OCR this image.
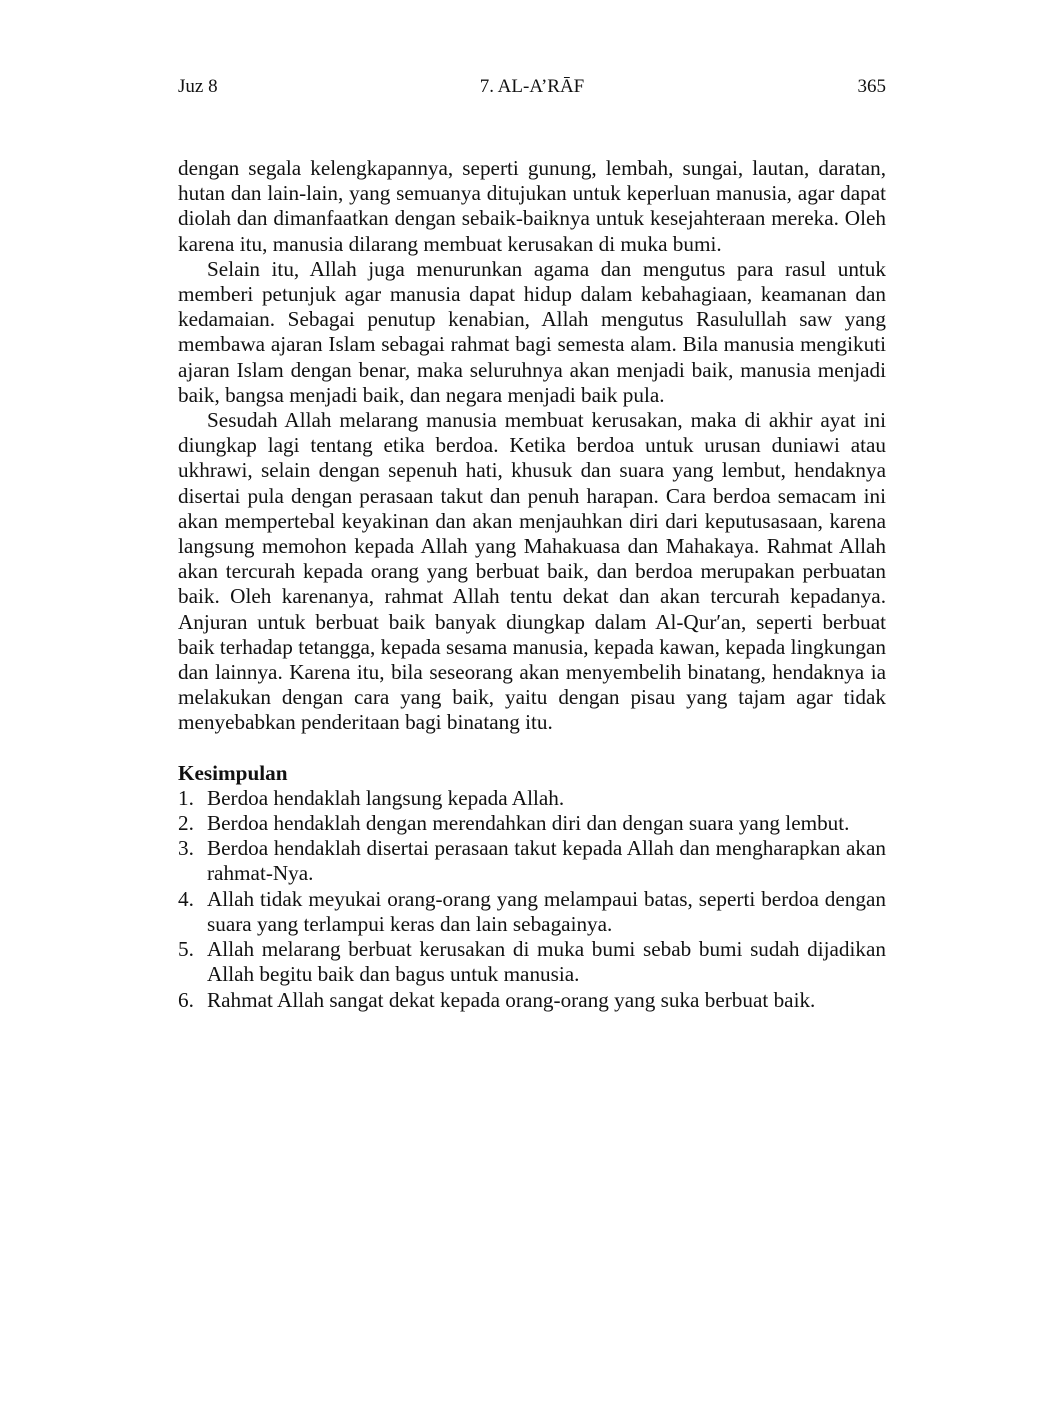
Juz 8	7. AL-A’RĀF	365

dengan segala kelengkapannya, seperti gunung, lembah, sungai, lautan, daratan, hutan dan lain-lain, yang semuanya ditujukan untuk keperluan manusia, agar dapat diolah dan dimanfaatkan dengan sebaik-baiknya untuk kesejahteraan mereka. Oleh karena itu, manusia dilarang membuat kerusakan di muka bumi.

Selain itu, Allah juga menurunkan agama dan mengutus para rasul untuk memberi petunjuk agar manusia dapat hidup dalam kebahagiaan, keamanan dan kedamaian. Sebagai penutup kenabian, Allah mengutus Rasulullah saw yang membawa ajaran Islam sebagai rahmat bagi semesta alam. Bila manusia mengikuti ajaran Islam dengan benar, maka seluruhnya akan menjadi baik, manusia menjadi baik, bangsa menjadi baik, dan negara menjadi baik pula.

Sesudah Allah melarang manusia membuat kerusakan, maka di akhir ayat ini diungkap lagi tentang etika berdoa. Ketika berdoa untuk urusan duniawi atau ukhrawi, selain dengan sepenuh hati, khusuk dan suara yang lembut, hendaknya disertai pula dengan perasaan takut dan penuh harapan. Cara berdoa semacam ini akan mempertebal keyakinan dan akan menjauhkan diri dari keputusasaan, karena langsung memohon kepada Allah yang Mahakuasa dan Mahakaya. Rahmat Allah akan tercurah kepada orang yang berbuat baik, dan berdoa merupakan perbuatan baik. Oleh karenanya, rahmat Allah tentu dekat dan akan tercurah kepadanya. Anjuran untuk berbuat baik banyak diungkap dalam Al-Qur′an, seperti berbuat baik terhadap tetangga, kepada sesama manusia, kepada kawan, kepada lingkungan dan lainnya. Karena itu, bila seseorang akan menyembelih binatang, hendaknya ia melakukan dengan cara yang baik, yaitu dengan pisau yang tajam agar tidak menyebabkan penderitaan bagi binatang itu.

Kesimpulan
1. Berdoa hendaklah langsung kepada Allah.
2. Berdoa hendaklah dengan merendahkan diri dan dengan suara yang lembut.
3. Berdoa hendaklah disertai perasaan takut kepada Allah dan mengharapkan akan rahmat-Nya.
4. Allah tidak meyukai orang-orang yang melampaui batas, seperti berdoa dengan suara yang terlampui keras dan lain sebagainya.
5. Allah melarang berbuat kerusakan di muka bumi sebab bumi sudah dijadikan Allah begitu baik dan bagus untuk manusia.
6. Rahmat Allah sangat dekat kepada orang-orang yang suka berbuat baik.
